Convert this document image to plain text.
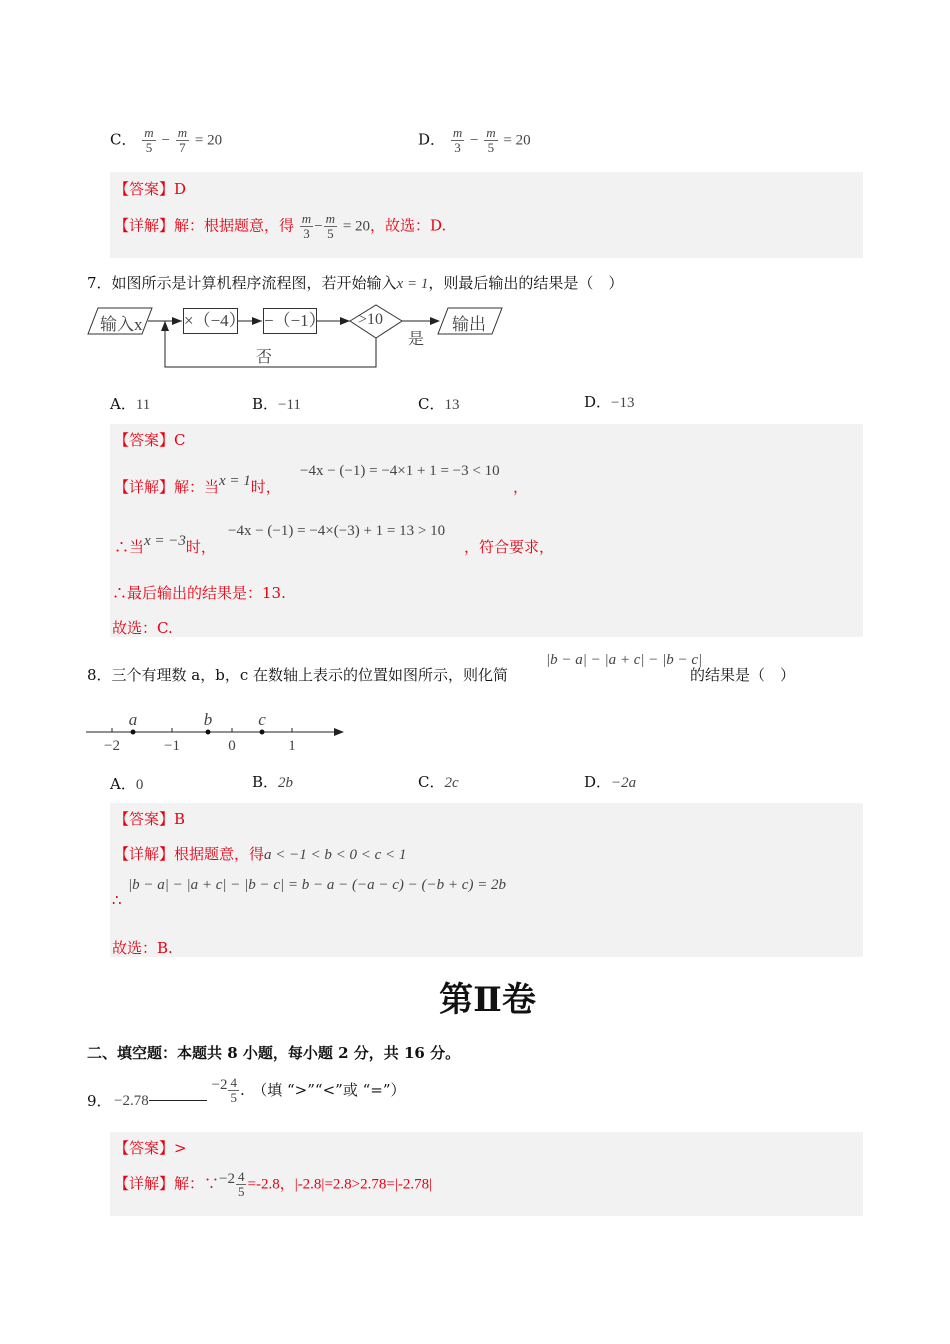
C． $\frac{m}{5} - \frac{m}{7} = 20$	D． $\frac{m}{3} - \frac{m}{5} = 20$
【答案】D
【详解】解：根据题意，得 $\frac{m}{3} - \frac{m}{5} = 20$，故选：D.
7．如图所示是计算机程序流程图，若开始输入x = 1，则最后输出的结果是（　）
输入x ×（−4） −（−1） >10	输出
是
否
A．11	B．−11	C．13	D．−13
【答案】C
【详解】解：当x = 1时，
−4x − (−1) = −4×1 + 1 = −3 < 10
，
∴当x = −3时，
−4x − (−1) = −4×(−3) + 1 = 13 > 10
，符合要求，
∴最后输出的结果是：13.
故选：C.
8．三个有理数 a，b，c 在数轴上表示的位置如图所示，则化简
|b − a| − |a + c| − |b − c|
的结果是（　）
−2	−1	0	1
a	b	c
A．0	B．2b	C．2c	D．−2a
【答案】B
【详解】根据题意，得a < −1 < b < 0 < c < 1
∴
|b − a| − |a + c| − |b − c| = b − a − (−a − c) − (−b + c) = 2b
故选：B.
第Ⅱ卷
二、填空题：本题共 8 小题，每小题 2 分，共 16 分。
9． $-2.78 -2 \frac{4}{5}$ .　（填 “>”“<”或 “=”）
【答案】>
【详解】解：∵−2 $\frac{4}{5} =-2.8$，|-2.8|=2.8>2.78=|-2.78|
